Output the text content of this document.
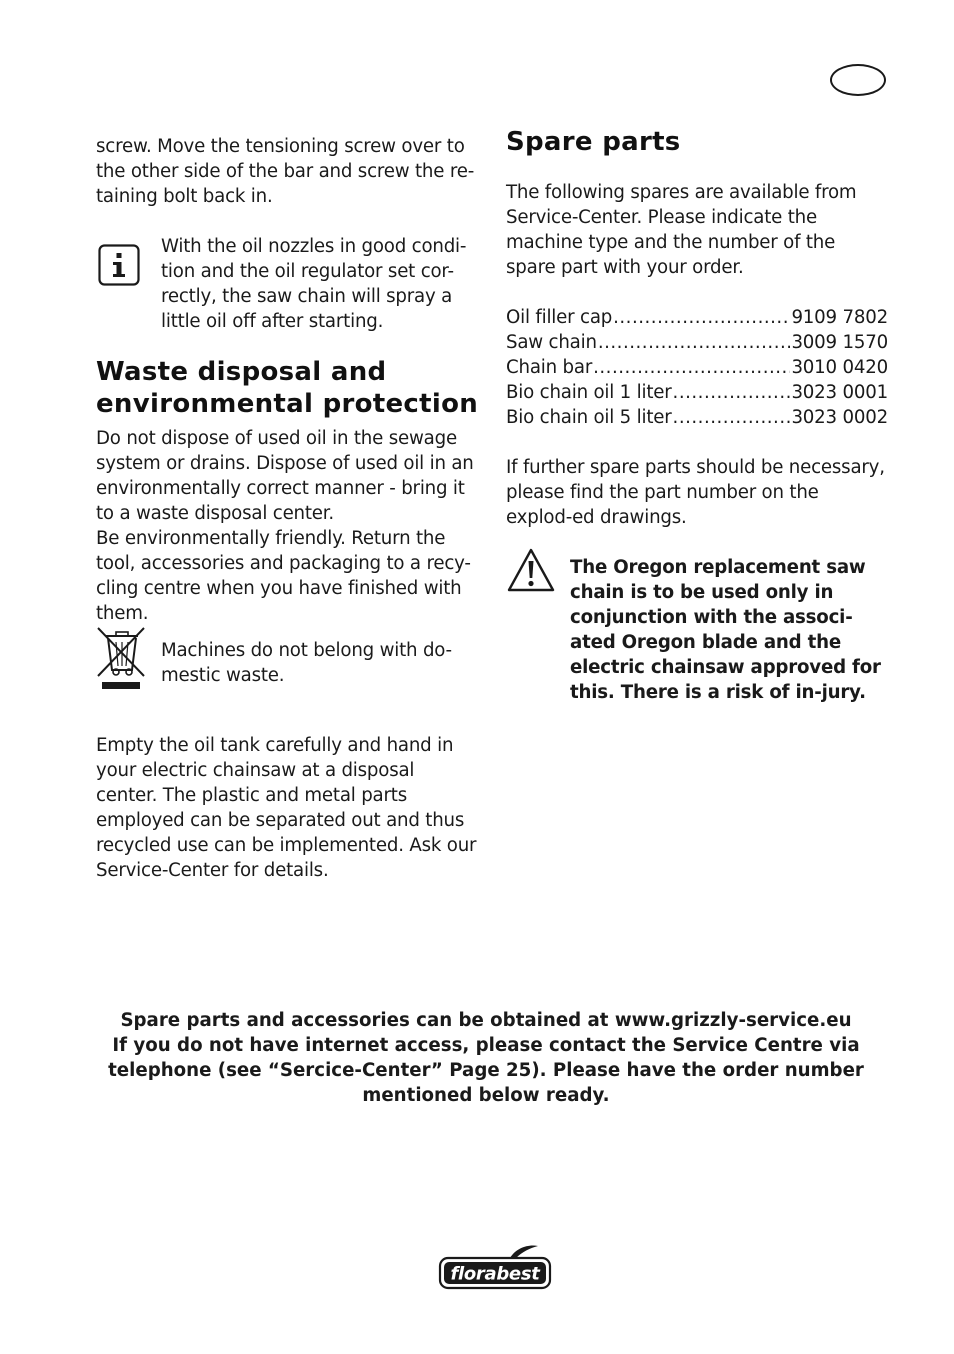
screw. Move the tensioning screw over to the other side of the bar and screw the re-taining bolt back in.

With the oil nozzles in good condi-tion and the oil regulator set cor-rectly, the saw chain will spray a little oil off after starting.

Waste disposal and environmental protection

Do not dispose of used oil in the sewage system or drains. Dispose of used oil in an environmentally correct manner - bring it to a waste disposal center.

Be environmentally friendly. Return the tool, accessories and packaging to a recy-cling centre when you have finished with them.

Machines do not belong with do-mestic waste.

Empty the oil tank carefully and hand in your electric chainsaw at a disposal center. The plastic and metal parts employed can be separated out and thus recycled use can be implemented. Ask our Service-Center for details.

Spare parts

The following spares are available from Service-Center. Please indicate the machine type and the number of the spare part with your order.

Oil filler cap .....	9109 7802
Saw chain .....	3009 1570
Chain bar .....	3010 0420
Bio chain oil 1 liter .....	3023 0001
Bio chain oil 5 liter .....	3023 0002

If further spare parts should be necessary, please find the part number on the explod-ed drawings.

The Oregon replacement saw chain is to be used only in conjunction with the associ-ated Oregon blade and the electric chainsaw approved for this. There is a risk of in-jury.

Spare parts and accessories can be obtained at www.grizzly-service.eu

If you do not have internet access, please contact the Service Centre via telephone (see “Sercice-Center” Page 25). Please have the order number mentioned below ready.

florabest
